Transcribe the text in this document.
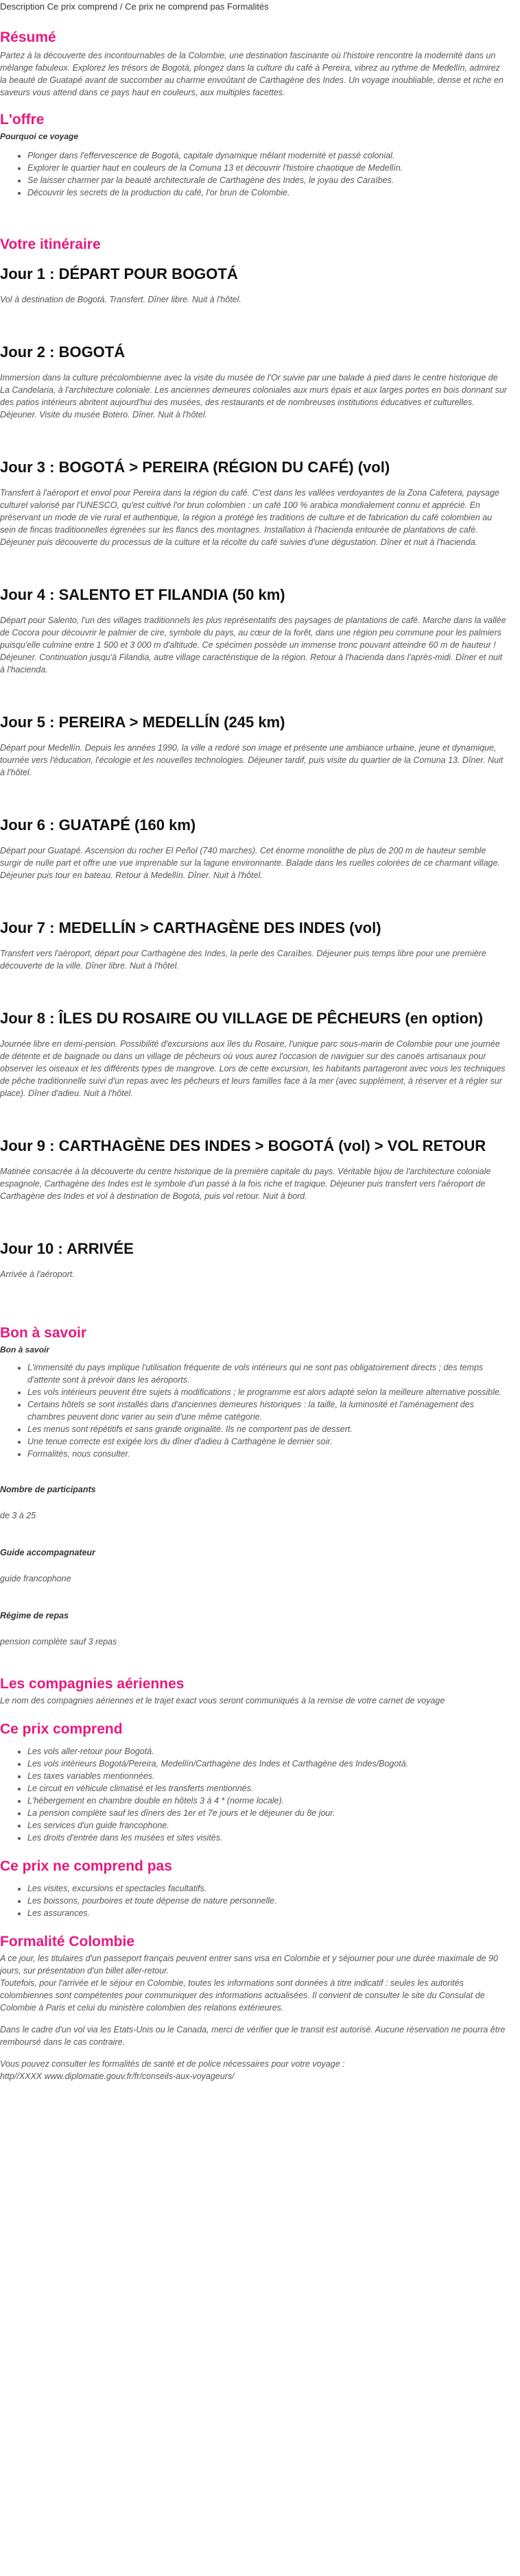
Description Ce prix comprend / Ce prix ne comprend pas Formalités
Résumé

Partez à la découverte des incontournables de la Colombie, une destination fascinante où l'histoire rencontre la modernité dans un mélange fabuleux. Explorez les trésors de Bogotá, plongez dans la culture du café à Pereira, vibrez au rythme de Medellín, admirez la beauté de Guatapé avant de succomber au charme envoûtant de Carthagène des Indes. Un voyage inoubliable, dense et riche en saveurs vous attend dans ce pays haut en couleurs, aux multiples facettes.

L'offre

Pourquoi ce voyage

• Plonger dans l'effervescence de Bogotá, capitale dynamique mêlant modernité et passé colonial.
• Explorer le quartier haut en couleurs de la Comuna 13 et découvrir l'histoire chaotique de Medellín.
• Se laisser charmer par la beauté architecturale de Carthagène des Indes, le joyau des Caraïbes.
• Découvrir les secrets de la production du café, l'or brun de Colombie.
Votre itinéraire
Jour 1 : DÉPART POUR BOGOTÁ

Vol à destination de Bogotá. Transfert. Dîner libre. Nuit à l'hôtel.

Jour 2 : BOGOTÁ

Immersion dans la culture précolombienne avec la visite du musée de l'Or suivie par une balade à pied dans le centre historique de La Candelaria, à l'architecture coloniale. Les anciennes demeures coloniales aux murs épais et aux larges portes en bois donnant sur des patios intérieurs abritent aujourd'hui des musées, des restaurants et de nombreuses institutions éducatives et culturelles. Déjeuner. Visite du musée Botero. Dîner. Nuit à l'hôtel.

Jour 3 : BOGOTÁ > PEREIRA (RÉGION DU CAFÉ) (vol)

Transfert à l'aéroport et envol pour Pereira dans la région du café. C'est dans les vallées verdoyantes de la Zona Cafetera, paysage culturel valorisé par l'UNESCO, qu'est cultivé l'or brun colombien : un café 100 % arabica mondialement connu et apprécié. En préservant un mode de vie rural et authentique, la région a protégé les traditions de culture et de fabrication du café colombien au sein de fincas traditionnelles égrenées sur les flancs des montagnes. Installation à l'hacienda entourée de plantations de café. Déjeuner puis découverte du processus de la culture et la récolte du café suivies d'une dégustation. Dîner et nuit à l'hacienda.

Jour 4 : SALENTO ET FILANDIA (50 km)

Départ pour Salento, l'un des villages traditionnels les plus représentatifs des paysages de plantations de café. Marche dans la vallée de Cocora pour découvrir le palmier de cire, symbole du pays, au cœur de la forêt, dans une région peu commune pour les palmiers puisqu'elle culmine entre 1 500 et 3 000 m d'altitude. Ce spécimen possède un immense tronc pouvant atteindre 60 m de hauteur ! Déjeuner. Continuation jusqu'à Filandia, autre village caractéristique de la région. Retour à l'hacienda dans l'après-midi. Dîner et nuit à l'hacienda.

Jour 5 : PEREIRA > MEDELLÍN (245 km)

Départ pour Medellín. Depuis les années 1990, la ville a redoré son image et présente une ambiance urbaine, jeune et dynamique, tournée vers l'éducation, l'écologie et les nouvelles technologies. Déjeuner tardif, puis visite du quartier de la Comuna 13. Dîner. Nuit à l'hôtel.

Jour 6 : GUATAPÉ (160 km)

Départ pour Guatapé. Ascension du rocher El Peñol (740 marches). Cet énorme monolithe de plus de 200 m de hauteur semble surgir de nulle part et offre une vue imprenable sur la lagune environnante. Balade dans les ruelles colorées de ce charmant village. Déjeuner puis tour en bateau. Retour à Medellín. Dîner. Nuit à l'hôtel.

Jour 7 : MEDELLÍN > CARTHAGÈNE DES INDES (vol)

Transfert vers l'aéroport, départ pour Carthagène des Indes, la perle des Caraïbes. Déjeuner puis temps libre pour une première découverte de la ville. Dîner libre. Nuit à l'hôtel.

Jour 8 : ÎLES DU ROSAIRE OU VILLAGE DE PÊCHEURS (en option)

Journée libre en demi-pension. Possibilité d'excursions aux îles du Rosaire, l'unique parc sous-marin de Colombie pour une journée de détente et de baignade ou dans un village de pêcheurs où vous aurez l'occasion de naviguer sur des canoës artisanaux pour observer les oiseaux et les différents types de mangrove. Lors de cette excursion, les habitants partageront avec vous les techniques de pêche traditionnelle suivi d'un repas avec les pêcheurs et leurs familles face à la mer (avec supplément, à réserver et à régler sur place). Dîner d'adieu. Nuit à l'hôtel.

Jour 9 : CARTHAGÈNE DES INDES > BOGOTÁ (vol) > VOL RETOUR

Matinée consacrée à la découverte du centre historique de la première capitale du pays. Véritable bijou de l'architecture coloniale espagnole, Carthagène des Indes est le symbole d'un passé à la fois riche et tragique. Déjeuner puis transfert vers l'aéroport de Carthagène des Indes et vol à destination de Bogotá, puis vol retour. Nuit à bord.

Jour 10 : ARRIVÉE

Arrivée à l'aéroport.

Bon à savoir

Bon à savoir

• L'immensité du pays implique l'utilisation fréquente de vols intérieurs qui ne sont pas obligatoirement directs ; des temps d'attente sont à prévoir dans les aéroports.
• Les vols intérieurs peuvent être sujets à modifications ; le programme est alors adapté selon la meilleure alternative possible.
• Certains hôtels se sont installés dans d'anciennes demeures historiques : la taille, la luminosité et l'aménagement des chambres peuvent donc varier au sein d'une même catégorie.
• Les menus sont répétitifs et sans grande originalité. Ils ne comportent pas de dessert.
• Une tenue correcte est exigée lors du dîner d'adieu à Carthagène le dernier soir.
• Formalités, nous consulter.

Nombre de participants

de 3 à 25

Guide accompagnateur

guide francophone

Régime de repas

pension complète sauf 3 repas

Les compagnies aériennes

Le nom des compagnies aériennes et le trajet exact vous seront communiqués à la remise de votre carnet de voyage

Ce prix comprend
• Les vols aller-retour pour Bogotá.
• Les vols intérieurs Bogotá/Pereira, Medellín/Carthagène des Indes et Carthagène des Indes/Bogotá.
• Les taxes variables mentionnées.
• Le circuit en véhicule climatisé et les transferts mentionnés.
• L'hébergement en chambre double en hôtels 3 à 4 * (norme locale).
• La pension complète sauf les dîners des 1er et 7e jours et le déjeuner du 8e jour.
• Les services d'un guide francophone.
• Les droits d'entrée dans les musées et sites visités.
Ce prix ne comprend pas
• Les visites, excursions et spectacles facultatifs.
• Les boissons, pourboires et toute dépense de nature personnelle.
• Les assurances.
Formalité Colombie

A ce jour, les titulaires d'un passeport français peuvent entrer sans visa en Colombie et y séjourner pour une durée maximale de 90 jours, sur présentation d'un billet aller-retour.

Toutefois, pour l'arrivée et le séjour en Colombie, toutes les informations sont données à titre indicatif : seules les autorités colombiennes sont compétentes pour communiquer des informations actualisées. Il convient de consulter le site du Consulat de Colombie à Paris et celui du ministère colombien des relations extérieures.

Dans le cadre d'un vol via les Etats-Unis ou le Canada, merci de vérifier que le transit est autorisé. Aucune réservation ne pourra être remboursé dans le cas contraire.

Vous pouvez consulter les formalités de santé et de police nécessaires pour votre voyage :

http//XXXX www.diplomatie.gouv.fr/fr/conseils-aux-voyageurs/
